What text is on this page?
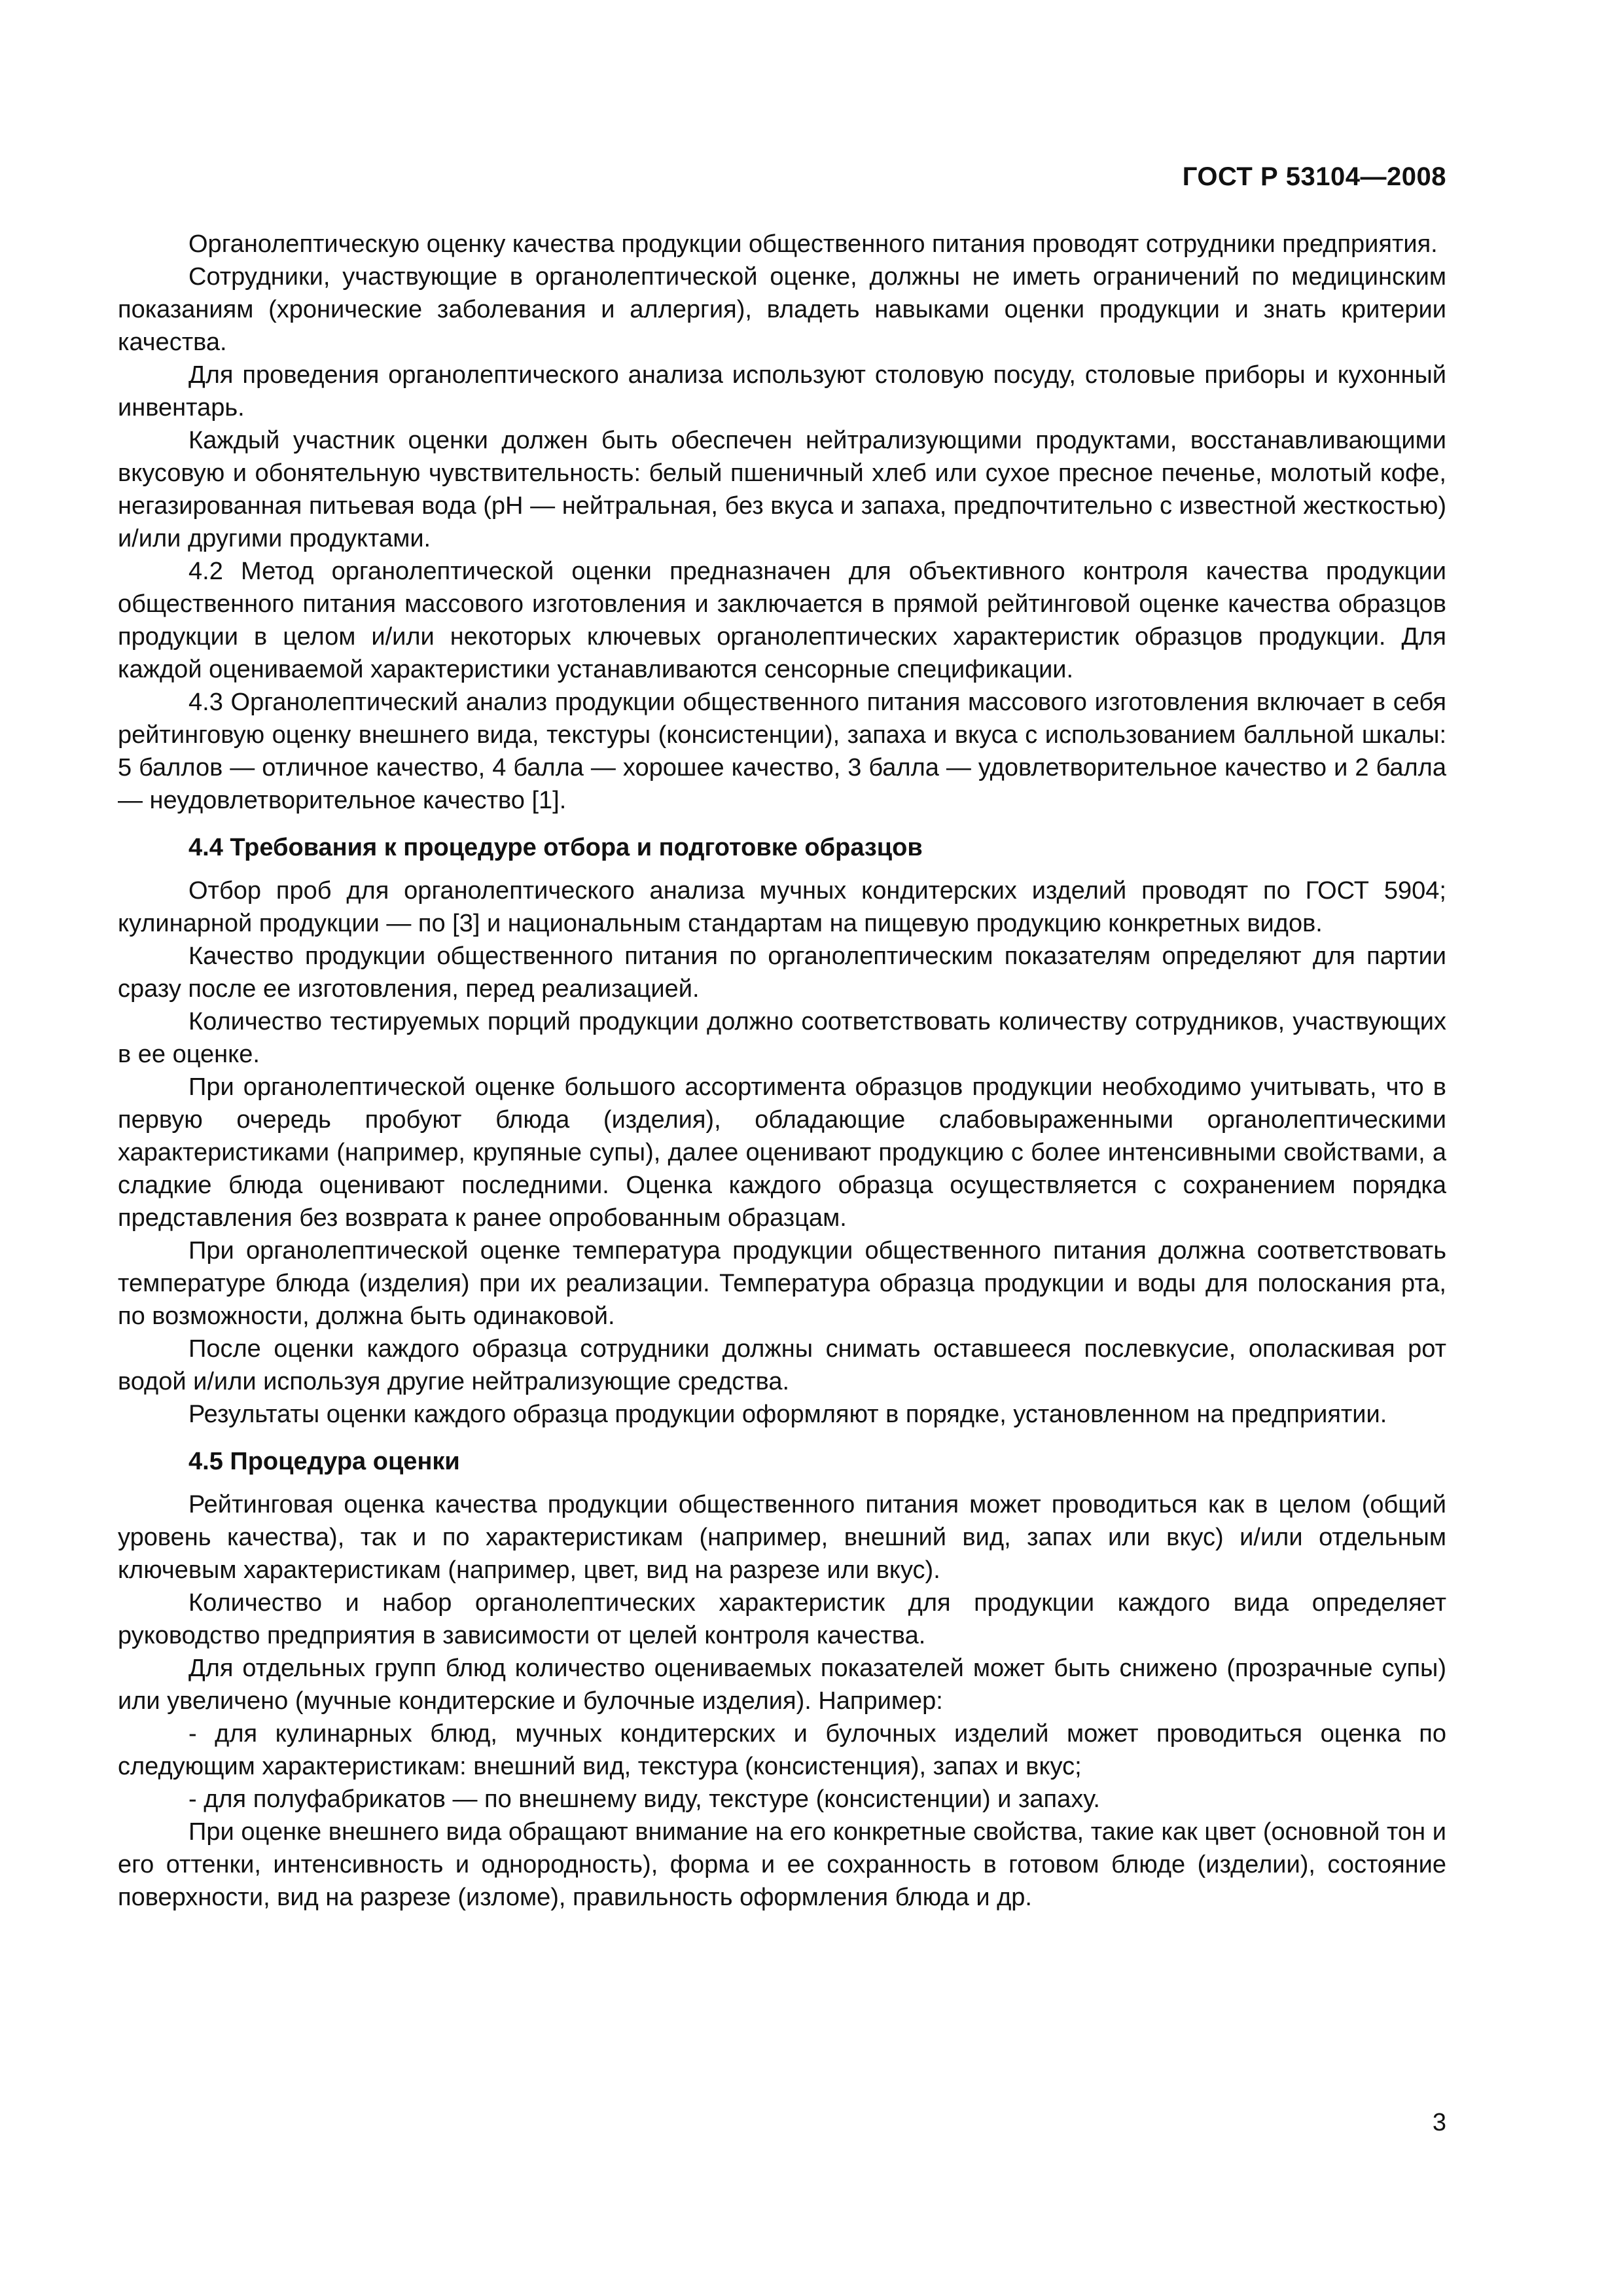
ГОСТ Р 53104—2008

Органолептическую оценку качества продукции общественного питания проводят сотрудники предприятия.

Сотрудники, участвующие в органолептической оценке, должны не иметь ограничений по медицинским показаниям (хронические заболевания и аллергия), владеть навыками оценки продукции и знать критерии качества.

Для проведения органолептического анализа используют столовую посуду, столовые приборы и кухонный инвентарь.

Каждый участник оценки должен быть обеспечен нейтрализующими продуктами, восстанавливающими вкусовую и обонятельную чувствительность: белый пшеничный хлеб или сухое пресное печенье, молотый кофе, негазированная питьевая вода (рН — нейтральная, без вкуса и запаха, предпочтительно с известной жесткостью) и/или другими продуктами.

4.2 Метод органолептической оценки предназначен для объективного контроля качества продукции общественного питания массового изготовления и заключается в прямой рейтинговой оценке качества образцов продукции в целом и/или некоторых ключевых органолептических характеристик образцов продукции. Для каждой оцениваемой характеристики устанавливаются сенсорные спецификации.

4.3 Органолептический анализ продукции общественного питания массового изготовления включает в себя рейтинговую оценку внешнего вида, текстуры (консистенции), запаха и вкуса с использованием балльной шкалы: 5 баллов — отличное качество, 4 балла — хорошее качество, 3 балла — удовлетворительное качество и 2 балла — неудовлетворительное качество [1].

4.4 Требования к процедуре отбора и подготовке образцов

Отбор проб для органолептического анализа мучных кондитерских изделий проводят по ГОСТ 5904; кулинарной продукции — по [3] и национальным стандартам на пищевую продукцию конкретных видов.

Качество продукции общественного питания по органолептическим показателям определяют для партии сразу после ее изготовления, перед реализацией.

Количество тестируемых порций продукции должно соответствовать количеству сотрудников, участвующих в ее оценке.

При органолептической оценке большого ассортимента образцов продукции необходимо учитывать, что в первую очередь пробуют блюда (изделия), обладающие слабовыраженными органолептическими характеристиками (например, крупяные супы), далее оценивают продукцию с более интенсивными свойствами, а сладкие блюда оценивают последними. Оценка каждого образца осуществляется с сохранением порядка представления без возврата к ранее опробованным образцам.

При органолептической оценке температура продукции общественного питания должна соответствовать температуре блюда (изделия) при их реализации. Температура образца продукции и воды для полоскания рта, по возможности, должна быть одинаковой.

После оценки каждого образца сотрудники должны снимать оставшееся послевкусие, ополаскивая рот водой и/или используя другие нейтрализующие средства.

Результаты оценки каждого образца продукции оформляют в порядке, установленном на предприятии.

4.5 Процедура оценки

Рейтинговая оценка качества продукции общественного питания может проводиться как в целом (общий уровень качества), так и по характеристикам (например, внешний вид, запах или вкус) и/или отдельным ключевым характеристикам (например, цвет, вид на разрезе или вкус).

Количество и набор органолептических характеристик для продукции каждого вида определяет руководство предприятия в зависимости от целей контроля качества.

Для отдельных групп блюд количество оцениваемых показателей может быть снижено (прозрачные супы) или увеличено (мучные кондитерские и булочные изделия). Например:

- для кулинарных блюд, мучных кондитерских и булочных изделий может проводиться оценка по следующим характеристикам: внешний вид, текстура (консистенция), запах и вкус;

- для полуфабрикатов — по внешнему виду, текстуре (консистенции) и запаху.

При оценке внешнего вида обращают внимание на его конкретные свойства, такие как цвет (основной тон и его оттенки, интенсивность и однородность), форма и ее сохранность в готовом блюде (изделии), состояние поверхности, вид на разрезе (изломе), правильность оформления блюда и др.

3
